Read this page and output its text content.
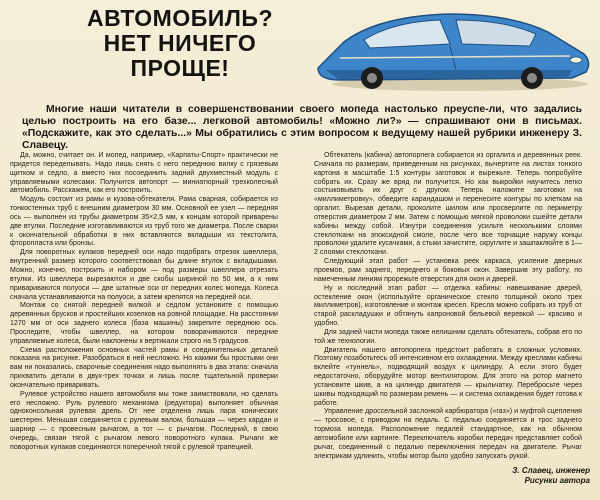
АВТОМОБИЛЬ?
НЕТ НИЧЕГО
ПРОЩЕ!

Многие наши читатели в совершенствовании своего мопеда настолько преуспе-ли, что задались целью построить на его базе... легковой автомобиль! «Можно ли?» — спрашивают они в письмах. «Подскажите, как это сделать...» Мы обратились с этим вопросом к ведущему нашей рубрики инженеру З. Славецу.

Да, можно, считает он. И мопед, например, «Карпаты-Спорт» практически не придется переделывать. Надо лишь снять с него переднюю вилку с грязевым щитком и седло, а вместо них посоединить задний двухместный модуль с управляемыми колесами. Получится автопорт — миниатюрный трехколесный автомобиль. Расскажем, как его построить.

Модуль состоит из рамы и кузова-обтекателя. Рама сварная, собирается из тонкостенных труб с внешним диаметром 30 мм. Основной ее узел — передняя ось — выполнен из трубы диаметром 35×2,5 мм, к концам которой приварены две втулки. Последние изготавливаются из труб того же диаметра. После сварки к окончательной обработки в них вставляются вкладыши из текстолита, фторопласта или бронзы.

Для поворотных кулаков передней оси надо подобрать отрезок швеллера, внутренний размер которого соответствовал бы длине втулок с вкладышами. Можно, конечно, построить и набором — под размеры швеллера отрезать втулки. Из швеллера вырезаются и две скобы шириной по 50 мм, а к ним привариваются полуоси — две штатные оси от передних колес мопеда. Колеса сначала устанавливаются на полуоси, а затем крепятся на передней оси.

Монтаж со снятой передней вилкой и седлом установите с помощью деревянных брусков и простейших козелков на ровной площадке. На расстоянии 1270 мм от оси заднего колеса (база машины) закрепите переднюю ось. Проследите, чтобы швеллер, на котором поворачиваются передние управляемые колеса, были наклонены к вертикали строго на 5 градусов.

Схема расположения основных частей рамы и соединительных деталей показана на рисунке. Разобраться в ней несложно. Но какими бы простыми они вам ни показались, сварочные соединения надо выполнять в два этапа: сначала прихватить детали в двух-трех точках и лишь после тщательной проверки окончательно приваривать.

Рулевое устройство нашего автомобиля мы тоже заимствовали, но сделать его несложно. Руль рулевого механизма (редуктора) выполняет обычная одноконсольная рулевая дрель. От нее отделена лишь пара конических шестерен. Меньшая соединяется с рулевым валом, большая — через кардан и шарнир — с провесным рычагом, а тот — с рычагом. Последний, в свою очередь, связан тягой с рычагом левого поворотного кулака. Рычаги же поворотных кулаков соединяются поперечной тягой с рулевой трапецией.

Обтекатель (кабина) автопорпега собирается из оргалита и деревянных реек. Сначала по размерам, приведенным на рисунках, вычертите на листах тонкого картона в масштабе 1:5 контуры заготовок и вырежьте. Теперь попробуйте собрать их. Сразу же вряд ли получится. Но как выкройки научитесь легко состыковывать их друг с другом. Теперь наложите заготовки на «миллиметровку», обведите карандашом и перенесите контуры по клеткам на оргалит. Вырезав детали, проколите шилом или просверлите по периметру отверстия диаметром 2 мм. Затем с помощью мягкой проволоки сшейте детали кабины между собой. Изнутри соединения усильте несколькими слоями стеклоткани на эпоксидной смоле, после чего все торчащие наружу концы проволоки удалите кусачками, а стыки зачистите, скруглите и зашпаклюйте в 1—2 слоями стеклоткани.

Следующий этап работ — установка реек каркаса, усиление дверных проемов, рам заднего, переднего и боковых окон. Завершив эту работу, по намеченным линиям прорежьте отверстия для окон и дверей.

Ну и последний этап работ — отделка кабины: навешивание дверей, остекление окон (используйте органическое стекло толщиной около трех миллиметров), изготовление и монтаж кресел. Кресла можно собрать из труб от старой раскладушки и обтянуть капроновой бельевой веревкой — красиво и удобно.

Для задней части мопеда также нелишним сделать обтекатель, собрав его по той же технологии.

Двигатель нашего автопорпега предстоит работать в сложных условиях. Поэтому позаботьтесь об интенсивном его охлаждении. Между креслами кабины вклейте «туннель», подводящий воздух к цилиндру. А если этого будет недостаточно, оборудуйте мотор вентилятором. Для этого на ротор магнето установите шкив, а на цилиндр двигателя — крыльчатку. Перебросьте через шкивы подходящий по размерам ремень — и система охлаждения будет готова к работе.

Управление дроссельной заслонкой карбюратора («газ») и муфтой сцепления — тросовое, с приводом на педаль. С педалью соединяется и трос заднего тормоза мопеда. Расположение педалей стандартное, как на обычном автомобиле или картинге. Переключатель коробки передач представляет собой рычаг, соединенный с педалью переключения передач на двигателе. Рычаг электрикам удлинить, чтобы мотор было удобно запускать рукой.

З. Славец, инженер
Рисунки автора
